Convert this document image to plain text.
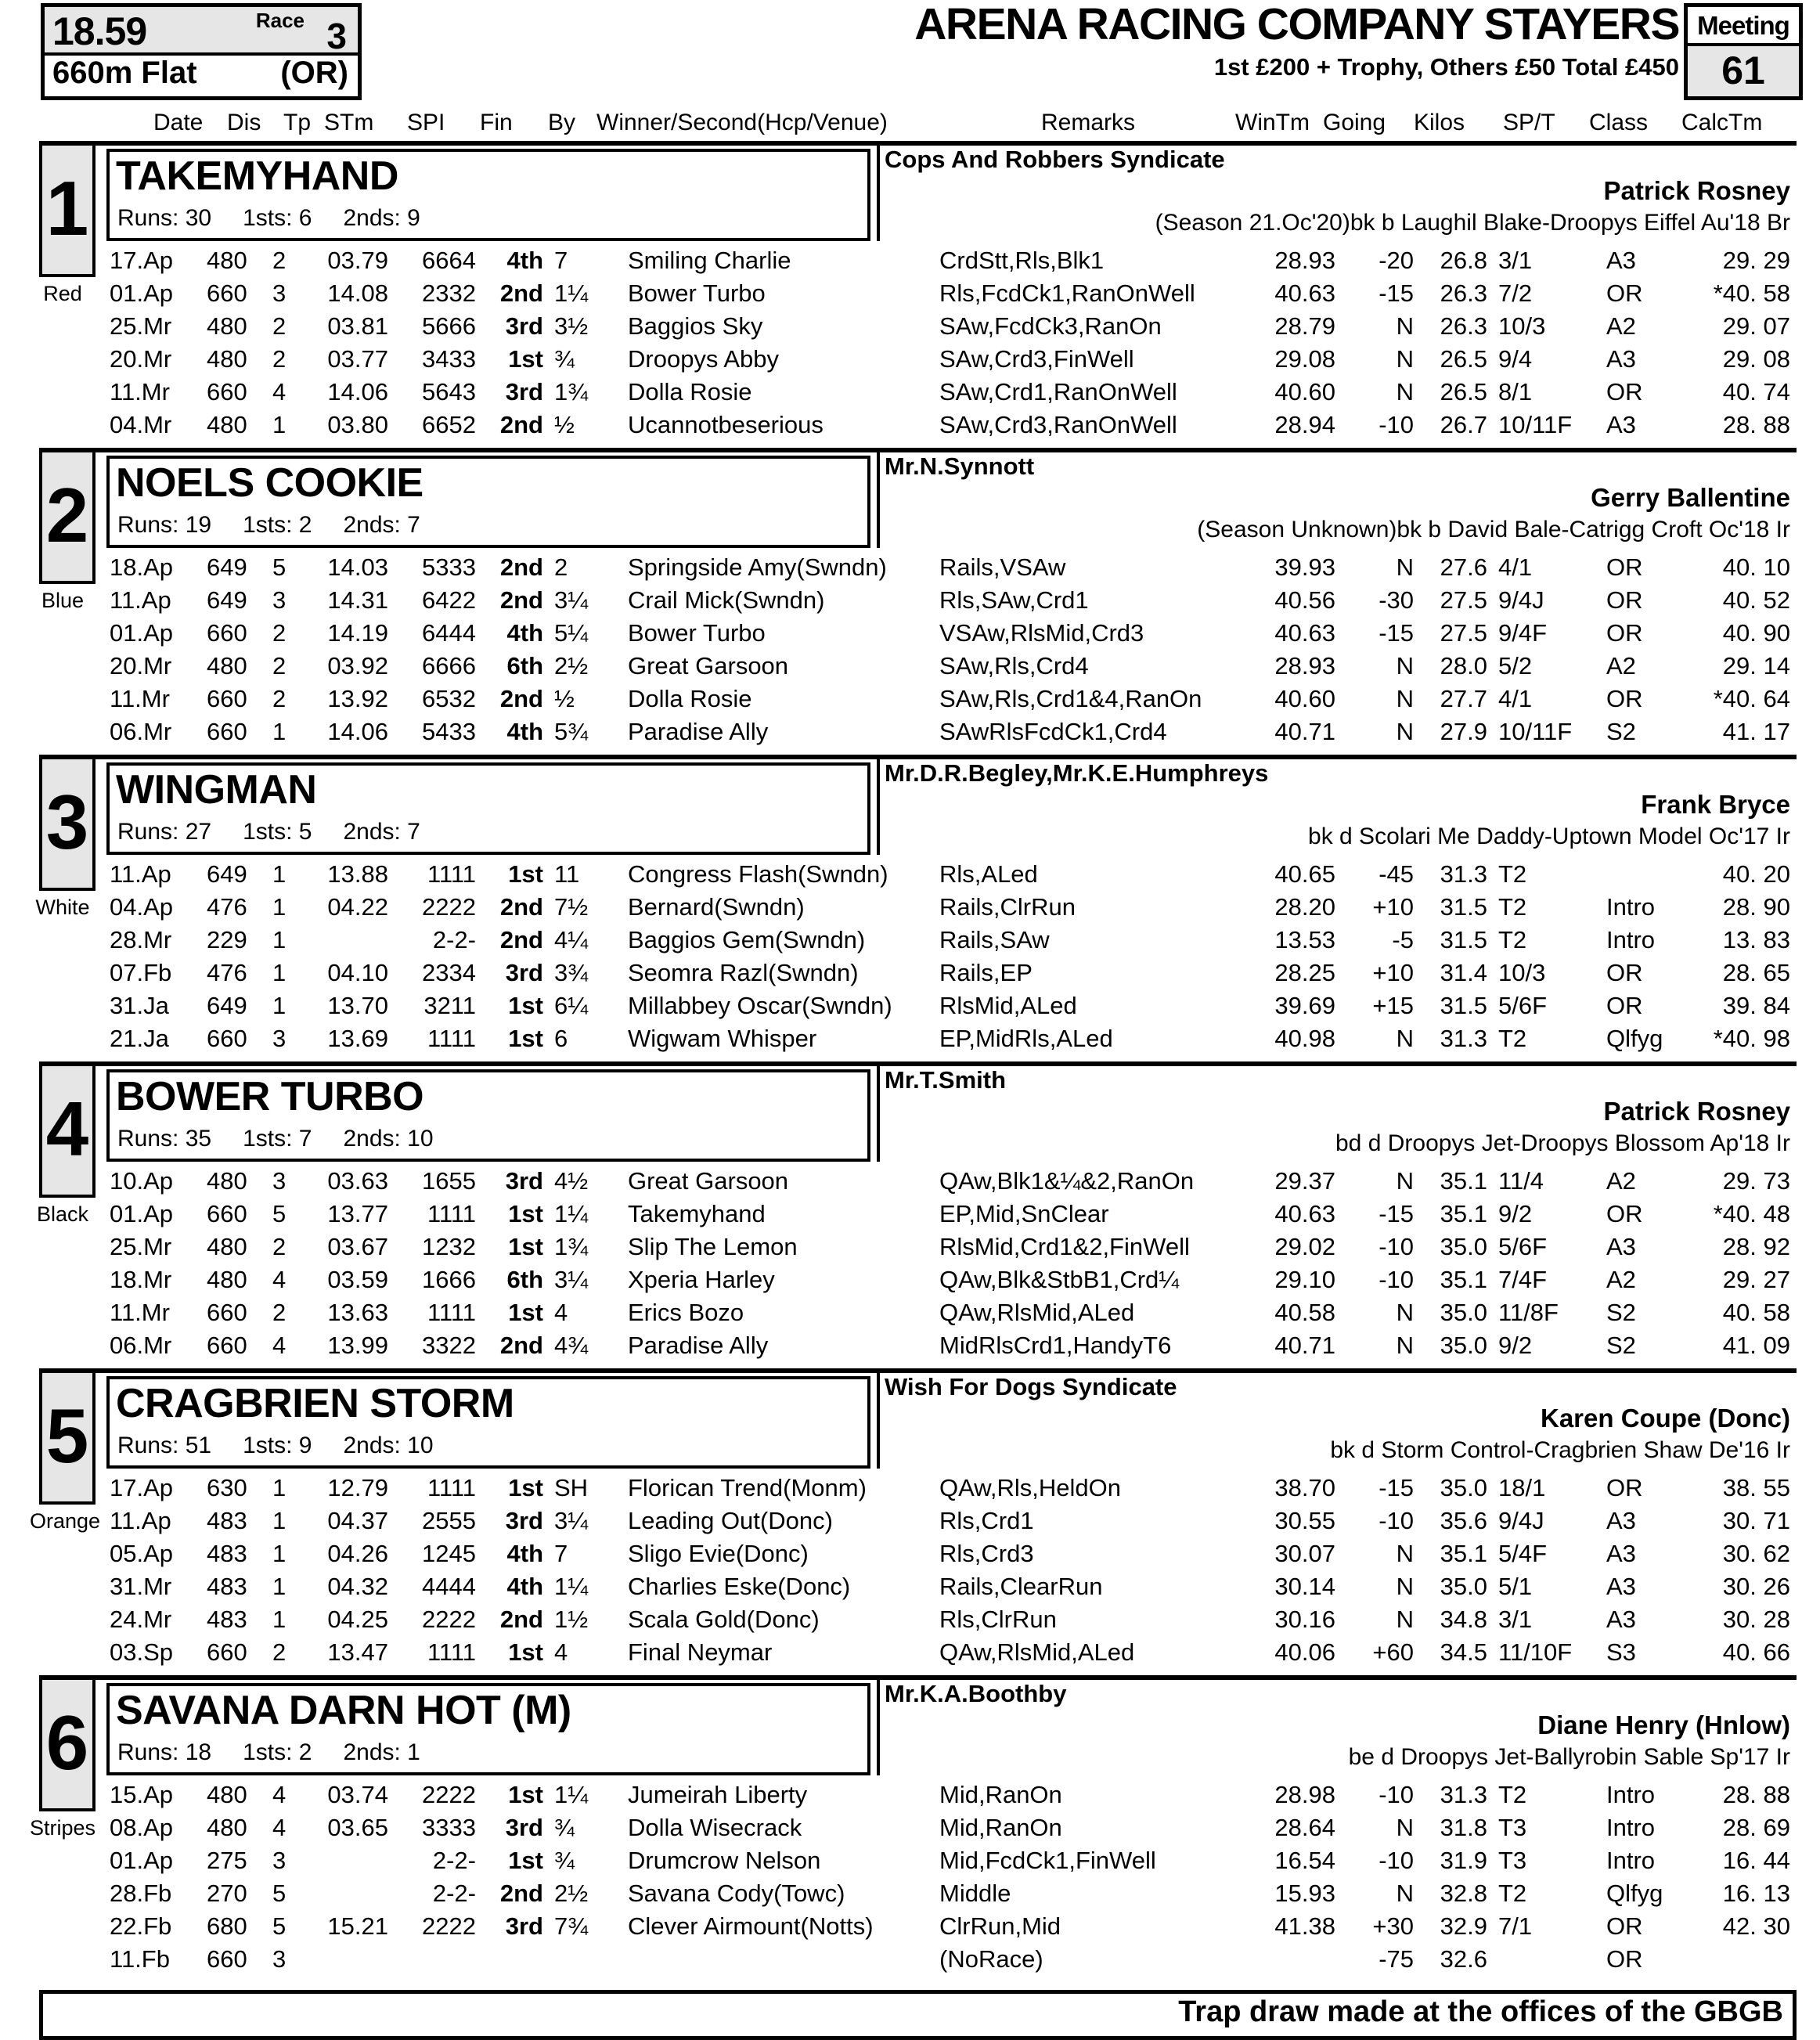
18.59	Race 3
660m Flat	(OR)
ARENA RACING COMPANY STAYERS
1st £200 + Trophy, Others £50 Total £450
Meeting
61
Date Dis Tp STm SPI Fin By Winner/Second(Hcp/Venue)	Remarks	WinTm Going Kilos SP/T Class CalcTm
1
Red
TAKEMYHAND
Runs: 30 1sts: 6 2nds: 9
Cops And Robbers Syndicate
Patrick Rosney
(Season 21.Oc'20)bk b Laughil Blake-Droopys Eiffel Au'18 Br
17.Ap	480	2	03.79	6664	4th	7	Smiling Charlie	CrdStt,Rls,Blk1	28.93	-20	26.8	3/1	A3	29. 29
01.Ap	660	3	14.08	2332	2nd	1¼	Bower Turbo	Rls,FcdCk1,RanOnWell	40.63	-15	26.3	7/2	OR	*40. 58
25.Mr	480	2	03.81	5666	3rd	3½	Baggios Sky	SAw,FcdCk3,RanOn	28.79	N	26.3	10/3	A2	29. 07
20.Mr	480	2	03.77	3433	1st	¾	Droopys Abby	SAw,Crd3,FinWell	29.08	N	26.5	9/4	A3	29. 08
11.Mr	660	4	14.06	5643	3rd	1¾	Dolla Rosie	SAw,Crd1,RanOnWell	40.60	N	26.5	8/1	OR	40. 74
04.Mr	480	1	03.80	6652	2nd	½	Ucannotbeserious	SAw,Crd3,RanOnWell	28.94	-10	26.7	10/11F	A3	28. 88
2
Blue
NOELS COOKIE
Runs: 19 1sts: 2 2nds: 7
Mr.N.Synnott
Gerry Ballentine
(Season Unknown)bk b David Bale-Catrigg Croft Oc'18 Ir
18.Ap	649	5	14.03	5333	2nd	2	Springside Amy(Swndn)	Rails,VSAw	39.93	N	27.6	4/1	OR	40. 10
11.Ap	649	3	14.31	6422	2nd	3¼	Crail Mick(Swndn)	Rls,SAw,Crd1	40.56	-30	27.5	9/4J	OR	40. 52
01.Ap	660	2	14.19	6444	4th	5¼	Bower Turbo	VSAw,RlsMid,Crd3	40.63	-15	27.5	9/4F	OR	40. 90
20.Mr	480	2	03.92	6666	6th	2½	Great Garsoon	SAw,Rls,Crd4	28.93	N	28.0	5/2	A2	29. 14
11.Mr	660	2	13.92	6532	2nd	½	Dolla Rosie	SAw,Rls,Crd1&4,RanOn	40.60	N	27.7	4/1	OR	*40. 64
06.Mr	660	1	14.06	5433	4th	5¾	Paradise Ally	SAwRlsFcdCk1,Crd4	40.71	N	27.9	10/11F	S2	41. 17
3
White
WINGMAN
Runs: 27 1sts: 5 2nds: 7
Mr.D.R.Begley,Mr.K.E.Humphreys
Frank Bryce
bk d Scolari Me Daddy-Uptown Model Oc'17 Ir
11.Ap	649	1	13.88	1111	1st	11	Congress Flash(Swndn)	Rls,ALed	40.65	-45	31.3	T2		40. 20
04.Ap	476	1	04.22	2222	2nd	7½	Bernard(Swndn)	Rails,ClrRun	28.20	+10	31.5	T2	Intro	28. 90
28.Mr	229	1		2-2-	2nd	4¼	Baggios Gem(Swndn)	Rails,SAw	13.53	-5	31.5	T2	Intro	13. 83
07.Fb	476	1	04.10	2334	3rd	3¾	Seomra Razl(Swndn)	Rails,EP	28.25	+10	31.4	10/3	OR	28. 65
31.Ja	649	1	13.70	3211	1st	6¼	Millabbey Oscar(Swndn)	RlsMid,ALed	39.69	+15	31.5	5/6F	OR	39. 84
21.Ja	660	3	13.69	1111	1st	6	Wigwam Whisper	EP,MidRls,ALed	40.98	N	31.3	T2	Qlfyg	*40. 98
4
Black
BOWER TURBO
Runs: 35 1sts: 7 2nds: 10
Mr.T.Smith
Patrick Rosney
bd d Droopys Jet-Droopys Blossom Ap'18 Ir
10.Ap	480	3	03.63	1655	3rd	4½	Great Garsoon	QAw,Blk1&¼&2,RanOn	29.37	N	35.1	11/4	A2	29. 73
01.Ap	660	5	13.77	1111	1st	1¼	Takemyhand	EP,Mid,SnClear	40.63	-15	35.1	9/2	OR	*40. 48
25.Mr	480	2	03.67	1232	1st	1¾	Slip The Lemon	RlsMid,Crd1&2,FinWell	29.02	-10	35.0	5/6F	A3	28. 92
18.Mr	480	4	03.59	1666	6th	3¼	Xperia Harley	QAw,Blk&StbB1,Crd¼	29.10	-10	35.1	7/4F	A2	29. 27
11.Mr	660	2	13.63	1111	1st	4	Erics Bozo	QAw,RlsMid,ALed	40.58	N	35.0	11/8F	S2	40. 58
06.Mr	660	4	13.99	3322	2nd	4¾	Paradise Ally	MidRlsCrd1,HandyT6	40.71	N	35.0	9/2	S2	41. 09
5
Orange
CRAGBRIEN STORM
Runs: 51 1sts: 9 2nds: 10
Wish For Dogs Syndicate
Karen Coupe (Donc)
bk d Storm Control-Cragbrien Shaw De'16 Ir
17.Ap	630	1	12.79	1111	1st	SH	Florican Trend(Monm)	QAw,Rls,HeldOn	38.70	-15	35.0	18/1	OR	38. 55
11.Ap	483	1	04.37	2555	3rd	3¼	Leading Out(Donc)	Rls,Crd1	30.55	-10	35.6	9/4J	A3	30. 71
05.Ap	483	1	04.26	1245	4th	7	Sligo Evie(Donc)	Rls,Crd3	30.07	N	35.1	5/4F	A3	30. 62
31.Mr	483	1	04.32	4444	4th	1¼	Charlies Eske(Donc)	Rails,ClearRun	30.14	N	35.0	5/1	A3	30. 26
24.Mr	483	1	04.25	2222	2nd	1½	Scala Gold(Donc)	Rls,ClrRun	30.16	N	34.8	3/1	A3	30. 28
03.Sp	660	2	13.47	1111	1st	4	Final Neymar	QAw,RlsMid,ALed	40.06	+60	34.5	11/10F	S3	40. 66
6
Stripes
SAVANA DARN HOT (M)
Runs: 18 1sts: 2 2nds: 1
Mr.K.A.Boothby
Diane Henry (Hnlow)
be d Droopys Jet-Ballyrobin Sable Sp'17 Ir
15.Ap	480	4	03.74	2222	1st	1¼	Jumeirah Liberty	Mid,RanOn	28.98	-10	31.3	T2	Intro	28. 88
08.Ap	480	4	03.65	3333	3rd	¾	Dolla Wisecrack	Mid,RanOn	28.64	N	31.8	T3	Intro	28. 69
01.Ap	275	3		2-2-	1st	¾	Drumcrow Nelson	Mid,FcdCk1,FinWell	16.54	-10	31.9	T3	Intro	16. 44
28.Fb	270	5		2-2-	2nd	2½	Savana Cody(Towc)	Middle	15.93	N	32.8	T2	Qlfyg	16. 13
22.Fb	680	5	15.21	2222	3rd	7¾	Clever Airmount(Notts)	ClrRun,Mid	41.38	+30	32.9	7/1	OR	42. 30
11.Fb	660	3						(NoRace)		-75	32.6		OR	
Trap draw made at the offices of the GBGB
